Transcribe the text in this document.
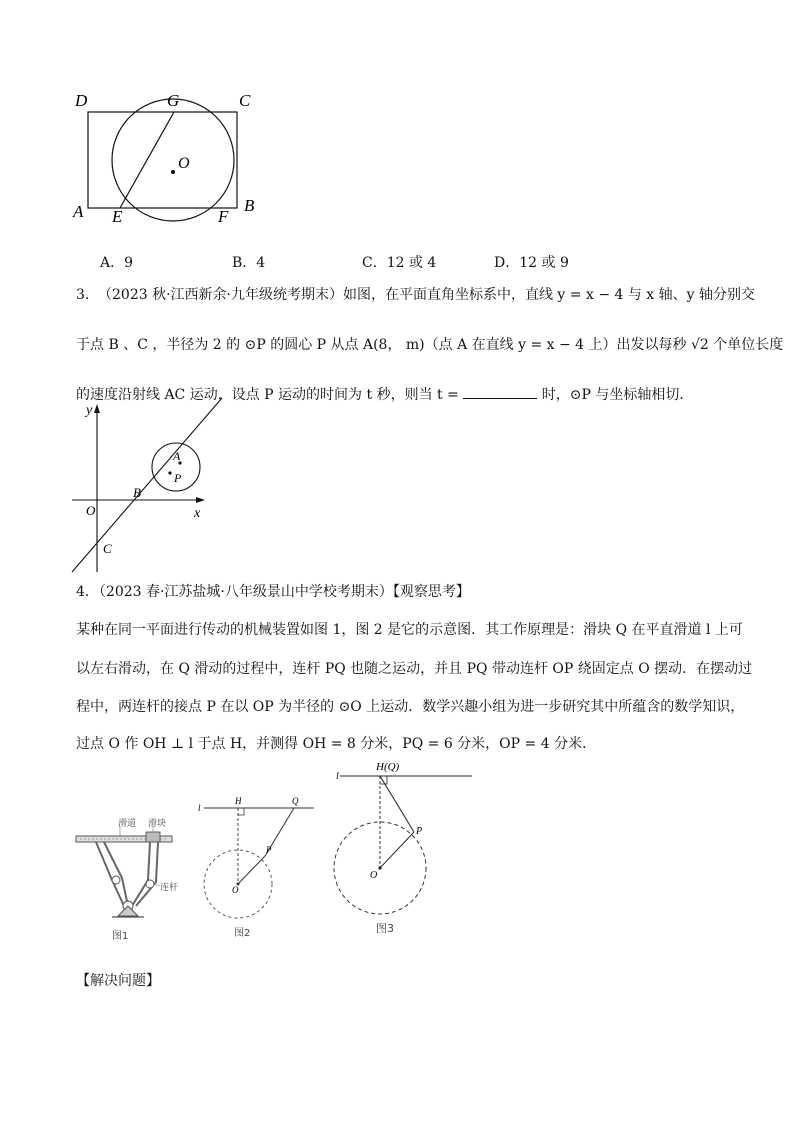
D	G	C
O
A E	F
B
A．9	B．4	C．12 或 4	D．12 或 9
3． （2023 秋·江西新余·九年级统考期末）如图，在平面直角坐标系中，直线 y = x − 4 与 x 轴、y 轴分别交
于点 B 、C ，半径为 2 的 ⊙P 的圆心 P 从点 A(8， m)（点 A 在直线 y = x − 4 上）出发以每秒 √2 个单位长度
的速度沿射线 AC 运动，设点 P 运动的时间为 t 秒，则当 t =	时，⊙P 与坐标轴相切．
y
x
O
A
P
B
C
4．（2023 春·江苏盐城·八年级景山中学校考期末）【观察思考】
某种在同一平面进行传动的机械装置如图 1，图 2 是它的示意图．其工作原理是：滑块 Q 在平直滑道 l 上可
以左右滑动，在 Q 滑动的过程中，连杆 PQ 也随之运动，并且 PQ 带动连杆 OP 绕固定点 O 摆动．在摆动过
程中，两连杆的接点 P 在以 OP 为半径的 ⊙O 上运动．数学兴趣小组为进一步研究其中所蕴含的数学知识，
过点 O 作 OH ⊥ l 于点 H，并测得 OH = 8 分米，PQ = 6 分米，OP = 4 分米．
滑道 滑块
连杆
图1
l
H	Q
P
O
图2
l
H(Q)
P
O
图3
【解决问题】
